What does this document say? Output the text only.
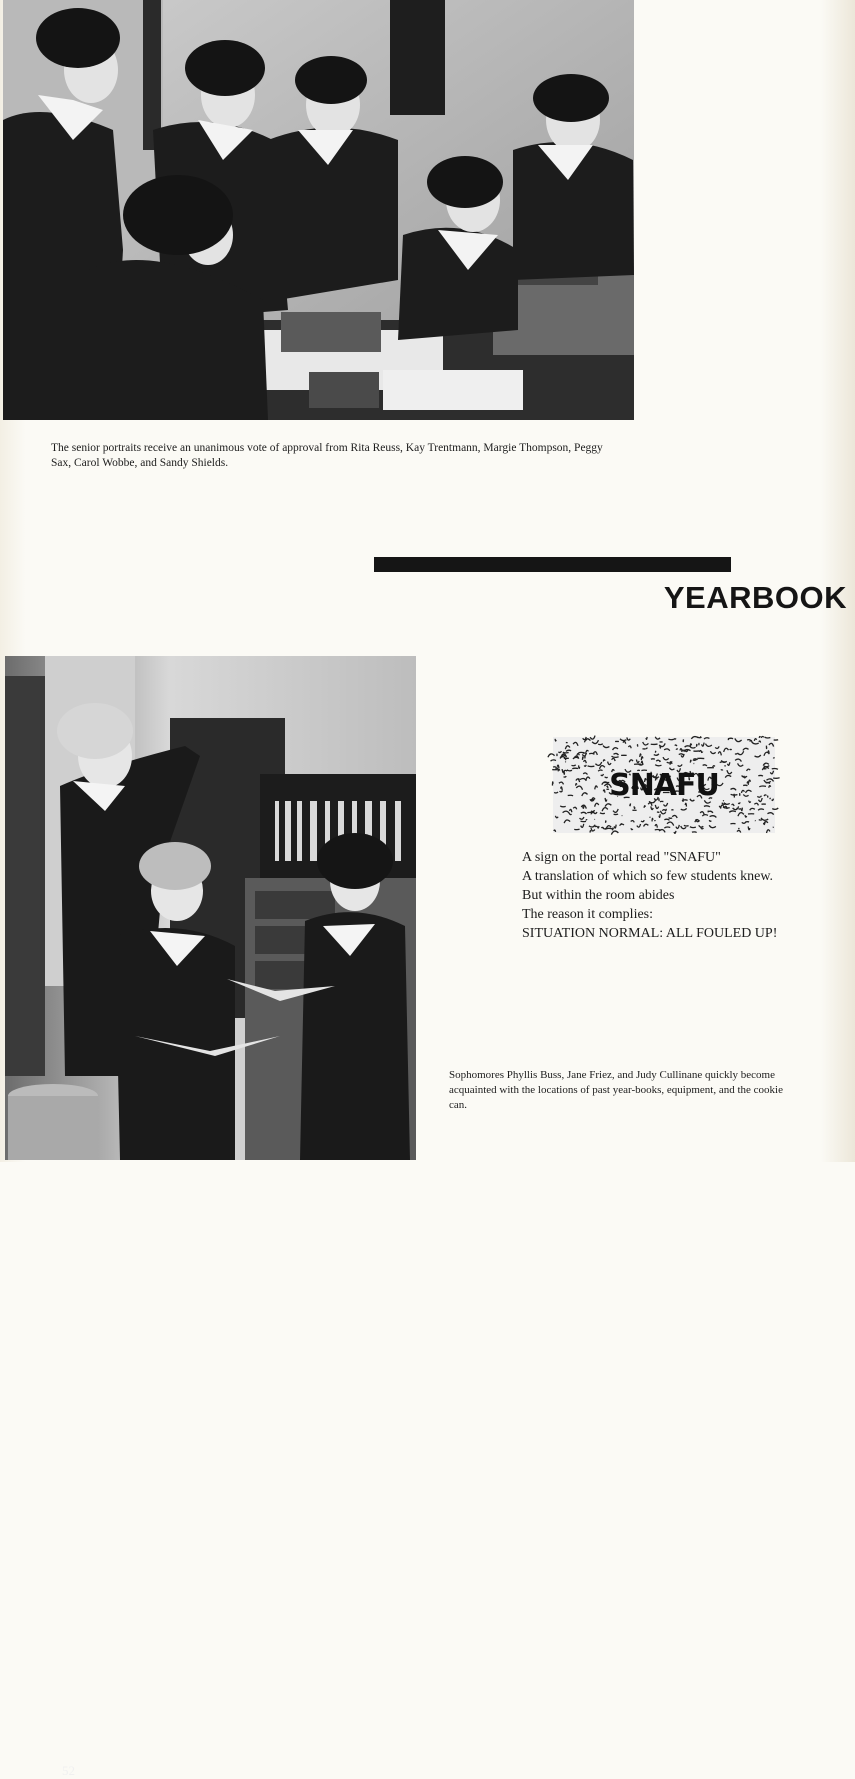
The senior portraits receive an unanimous vote of approval from Rita Reuss, Kay Trentmann, Margie Thompson, Peggy Sax, Carol Wobbe, and Sandy Shields.
YEARBOOK
52
SNAFU
A sign on the portal read "SNAFU"
A translation of which so few students knew.
But within the room abides
The reason it complies:
SITUATION NORMAL: ALL FOULED UP!
Sophomores Phyllis Buss, Jane Friez, and Judy Cullinane quickly become acquainted with the locations of past year-books, equipment, and the cookie can.
